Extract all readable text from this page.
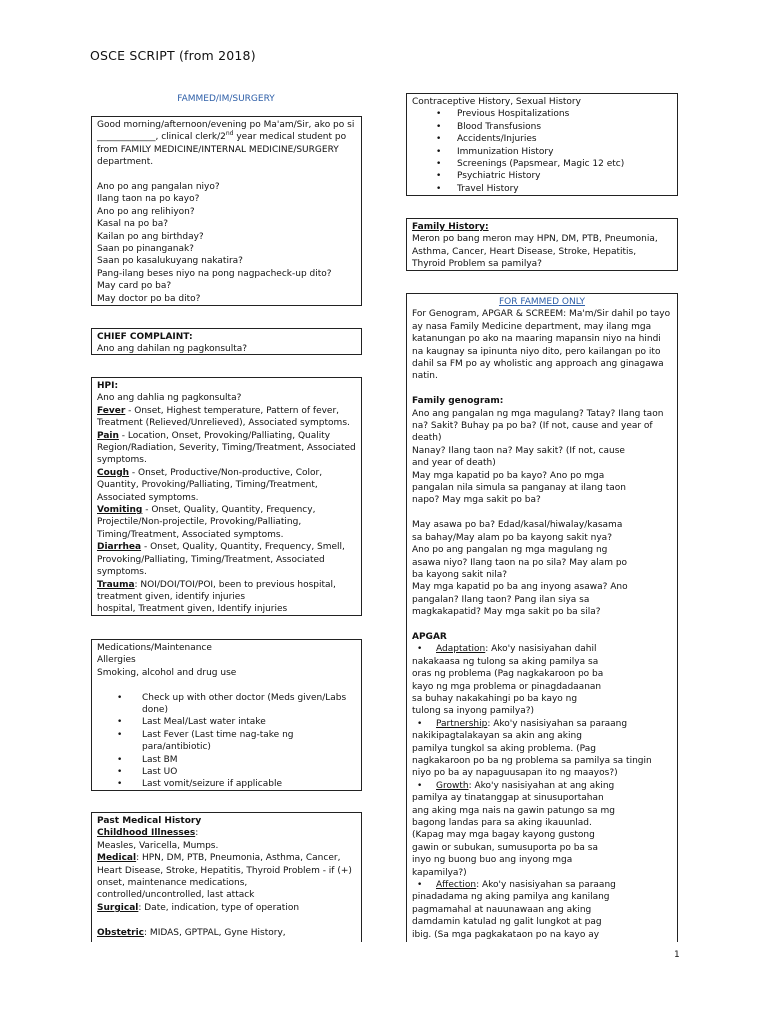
OSCE SCRIPT (from 2018)
FAMMED/IM/SURGERY

Good morning/afternoon/evening po Ma'am/Sir, ako po si

_____________, clinical clerk/2nd year medical student po

from FAMILY MEDICINE/INTERNAL MEDICINE/SURGERY

department.

Ano po ang pangalan niyo?

Ilang taon na po kayo?

Ano po ang relihiyon?

Kasal na po ba?

Kailan po ang birthday?

Saan po pinanganak?

Saan po kasalukuyang nakatira?

Pang-ilang beses niyo na pong nagpacheck-up dito?

May card po ba?

May doctor po ba dito?

CHIEF COMPLAINT:

Ano ang dahilan ng pagkonsulta?

HPI:

Ano ang dahlia ng pagkonsulta?

Fever - Onset, Highest temperature, Pattern of fever, Treatment (Relieved/Unrelieved), Associated symptoms.

Pain - Location, Onset, Provoking/Palliating, Quality Region/Radiation, Severity, Timing/Treatment, Associated symptoms.

Cough - Onset, Productive/Non-productive, Color, Quantity, Provoking/Palliating, Timing/Treatment, Associated symptoms.

Vomiting - Onset, Quality, Quantity, Frequency, Projectile/Non-projectile, Provoking/Palliating, Timing/Treatment, Associated symptoms.

Diarrhea - Onset, Quality, Quantity, Frequency, Smell, Provoking/Palliating, Timing/Treatment, Associated symptoms.

Trauma: NOI/DOI/TOI/POI, been to previous hospital, treatment given, identify injuries

hospital, Treatment given, Identify injuries

Medications/Maintenance

Allergies

Smoking, alcohol and drug use

• Check up with other doctor (Meds given/Labs done)
• Last Meal/Last water intake
• Last Fever (Last time nag-take ng para/antibiotic)
• Last BM
• Last UO
• Last vomit/seizure if applicable

Past Medical History

Childhood Illnesses:

Measles, Varicella, Mumps.

Medical: HPN, DM, PTB, Pneumonia, Asthma, Cancer, Heart Disease, Stroke, Hepatitis, Thyroid Problem - if (+) onset, maintenance medications, controlled/uncontrolled, last attack

Surgical: Date, indication, type of operation

Obstetric: MIDAS, GPTPAL, Gyne History,

Contraceptive History, Sexual History

• Previous Hospitalizations
• Blood Transfusions
• Accidents/Injuries
• Immunization History
• Screenings (Papsmear, Magic 12 etc)
• Psychiatric History
• Travel History

Family History:

Meron po bang meron may HPN, DM, PTB, Pneumonia, Asthma, Cancer, Heart Disease, Stroke, Hepatitis, Thyroid Problem sa pamilya?

FOR FAMMED ONLY

For Genogram, APGAR & SCREEM: Ma'm/Sir dahil po tayo ay nasa Family Medicine department, may ilang mga katanungan po ako na maaring mapansin niyo na hindi na kaugnay sa ipinunta niyo dito, pero kailangan po ito dahil sa FM po ay wholistic ang approach ang ginagawa natin.

Family genogram:

Ano ang pangalan ng mga magulang? Tatay? Ilang taon

na? Sakit? Buhay pa po ba? (If not, cause and year of

death)

Nanay? Ilang taon na? May sakit? (If not, cause

and year of death)

May mga kapatid po ba kayo? Ano po mga

pangalan nila simula sa panganay at ilang taon

napo? May mga sakit po ba?

May asawa po ba? Edad/kasal/hiwalay/kasama

sa bahay/May alam po ba kayong sakit nya?

Ano po ang pangalan ng mga magulang ng

asawa niyo? Ilang taon na po sila? May alam po

ba kayong sakit nila?

May mga kapatid po ba ang inyong asawa? Ano

pangalan? Ilang taon? Pang ilan siya sa

magkakapatid? May mga sakit po ba sila?

APGAR

• Adaptation: Ako'y nasisiyahan dahil

nakakaasa ng tulong sa aking pamilya sa

oras ng problema (Pag nagkakaroon po ba

kayo ng mga problema or pinagdadaanan

sa buhay nakakahingi po ba kayo ng

tulong sa inyong pamilya?)

• Partnership: Ako'y nasisiyahan sa paraang

nakikipagtalakayan sa akin ang aking

pamilya tungkol sa aking problema. (Pag

nagkakaroon po ba ng problema sa pamilya sa tingin

niyo po ba ay napaguusapan ito ng maayos?)

• Growth: Ako'y nasisiyahan at ang aking

pamilya ay tinatanggap at sinusuportahan

ang aking mga nais na gawin patungo sa mg

bagong landas para sa aking ikauunlad.

(Kapag may mga bagay kayong gustong

gawin or subukan, sumusuporta po ba sa

inyo ng buong buo ang inyong mga

kapamilya?)

• Affection: Ako'y nasisiyahan sa paraang

pinadadama ng aking pamilya ang kanilang

pagmamahal at nauunawaan ang aking

damdamin katulad ng galit lungkot at pag

ibig. (Sa mga pagkakataon po na kayo ay

1
